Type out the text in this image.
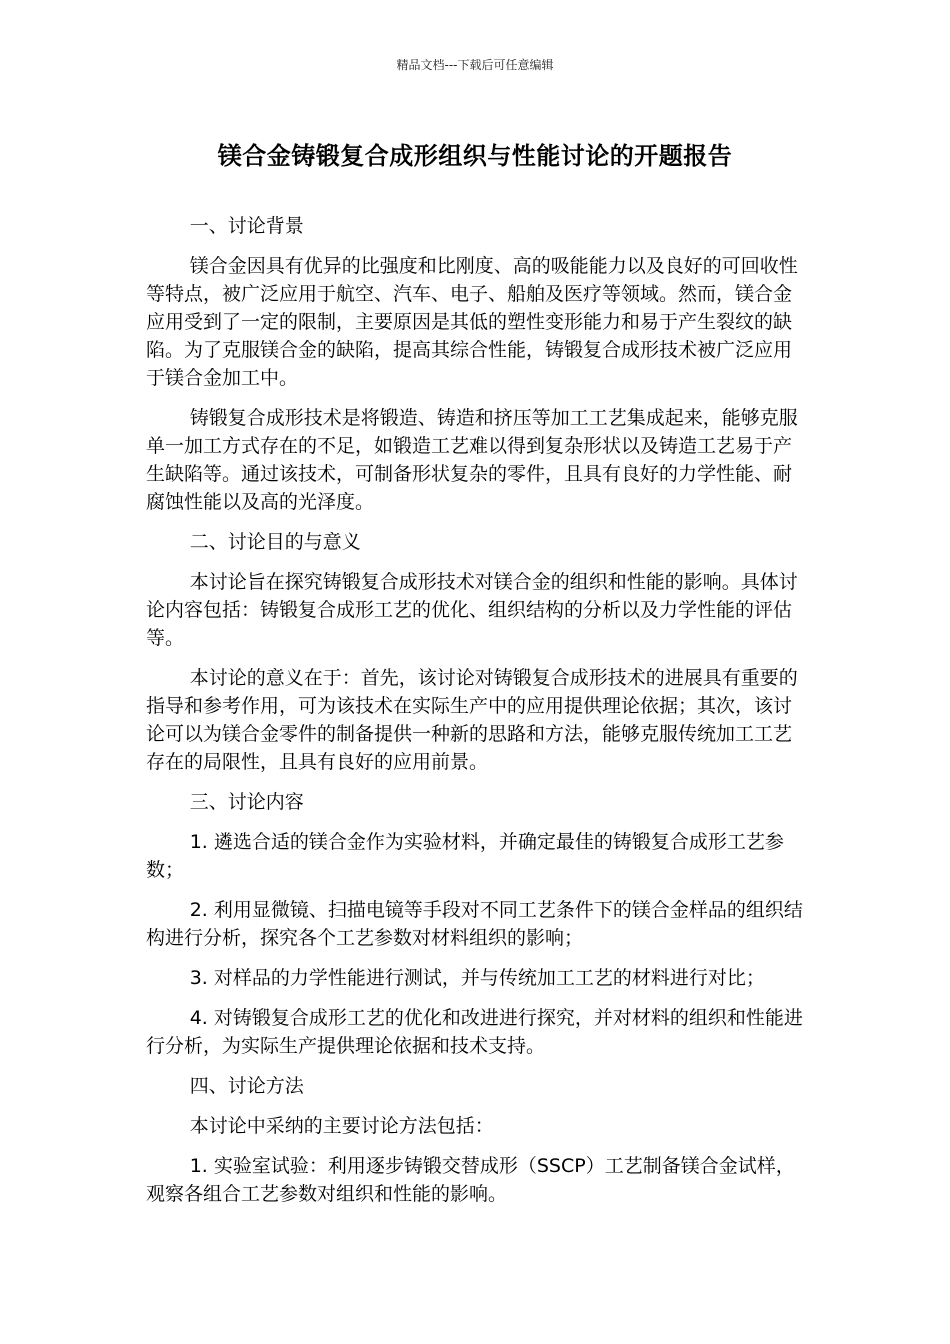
精品文档---下载后可任意编辑
镁合金铸锻复合成形组织与性能讨论的开题报告

一、讨论背景

镁合金因具有优异的比强度和比刚度、高的吸能能力以及良好的可回收性等特点，被广泛应用于航空、汽车、电子、船舶及医疗等领域。然而，镁合金应用受到了一定的限制，主要原因是其低的塑性变形能力和易于产生裂纹的缺陷。为了克服镁合金的缺陷，提高其综合性能，铸锻复合成形技术被广泛应用于镁合金加工中。

铸锻复合成形技术是将锻造、铸造和挤压等加工工艺集成起来，能够克服单一加工方式存在的不足，如锻造工艺难以得到复杂形状以及铸造工艺易于产生缺陷等。通过该技术，可制备形状复杂的零件，且具有良好的力学性能、耐腐蚀性能以及高的光泽度。

二、讨论目的与意义

本讨论旨在探究铸锻复合成形技术对镁合金的组织和性能的影响。具体讨论内容包括：铸锻复合成形工艺的优化、组织结构的分析以及力学性能的评估等。

本讨论的意义在于：首先，该讨论对铸锻复合成形技术的进展具有重要的指导和参考作用，可为该技术在实际生产中的应用提供理论依据；其次，该讨论可以为镁合金零件的制备提供一种新的思路和方法，能够克服传统加工工艺存在的局限性，且具有良好的应用前景。

三、讨论内容

1. 遴选合适的镁合金作为实验材料，并确定最佳的铸锻复合成形工艺参数；

2. 利用显微镜、扫描电镜等手段对不同工艺条件下的镁合金样品的组织结构进行分析，探究各个工艺参数对材料组织的影响；

3. 对样品的力学性能进行测试，并与传统加工工艺的材料进行对比；

4. 对铸锻复合成形工艺的优化和改进进行探究，并对材料的组织和性能进行分析，为实际生产提供理论依据和技术支持。

四、讨论方法

本讨论中采纳的主要讨论方法包括：

1. 实验室试验：利用逐步铸锻交替成形（SSCP）工艺制备镁合金试样，观察各组合工艺参数对组织和性能的影响。
